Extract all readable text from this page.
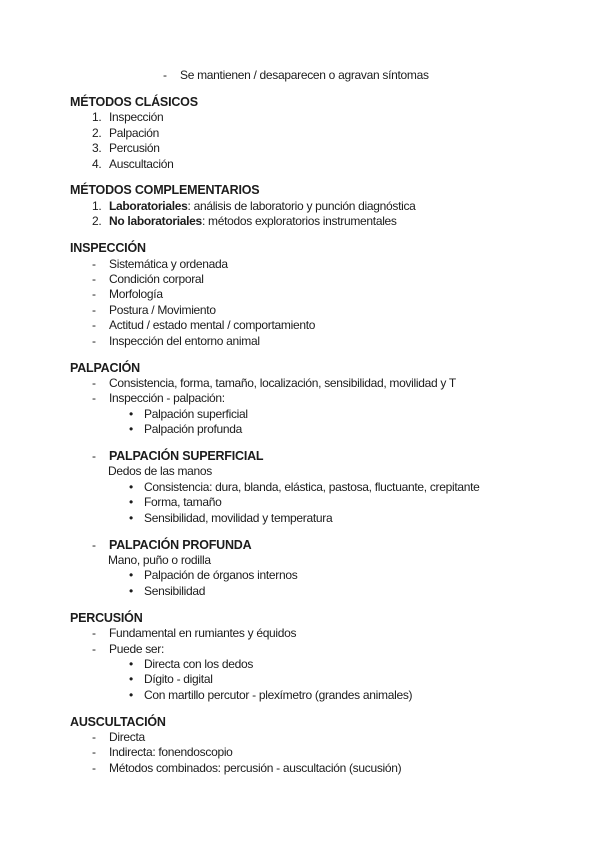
- Se mantienen / desaparecen o agravan síntomas
MÉTODOS CLÁSICOS
1. Inspección
2. Palpación
3. Percusión
4. Auscultación
MÉTODOS COMPLEMENTARIOS
1. Laboratoriales: análisis de laboratorio y punción diagnóstica
2. No laboratoriales: métodos exploratorios instrumentales
INSPECCIÓN
- Sistemática y ordenada
- Condición corporal
- Morfología
- Postura / Movimiento
- Actitud / estado mental / comportamiento
- Inspección del entorno animal
PALPACIÓN
- Consistencia, forma, tamaño, localización, sensibilidad, movilidad y T
- Inspección - palpación:
• Palpación superficial
• Palpación profunda
- PALPACIÓN SUPERFICIAL
Dedos de las manos
• Consistencia: dura, blanda, elástica, pastosa, fluctuante, crepitante
• Forma, tamaño
• Sensibilidad, movilidad y temperatura
- PALPACIÓN PROFUNDA
Mano, puño o rodilla
• Palpación de órganos internos
• Sensibilidad
PERCUSIÓN
- Fundamental en rumiantes y équidos
- Puede ser:
• Directa con los dedos
• Dígito - digital
• Con martillo percutor - plexímetro (grandes animales)
AUSCULTACIÓN
- Directa
- Indirecta: fonendoscopio
- Métodos combinados: percusión - auscultación (sucusión)
